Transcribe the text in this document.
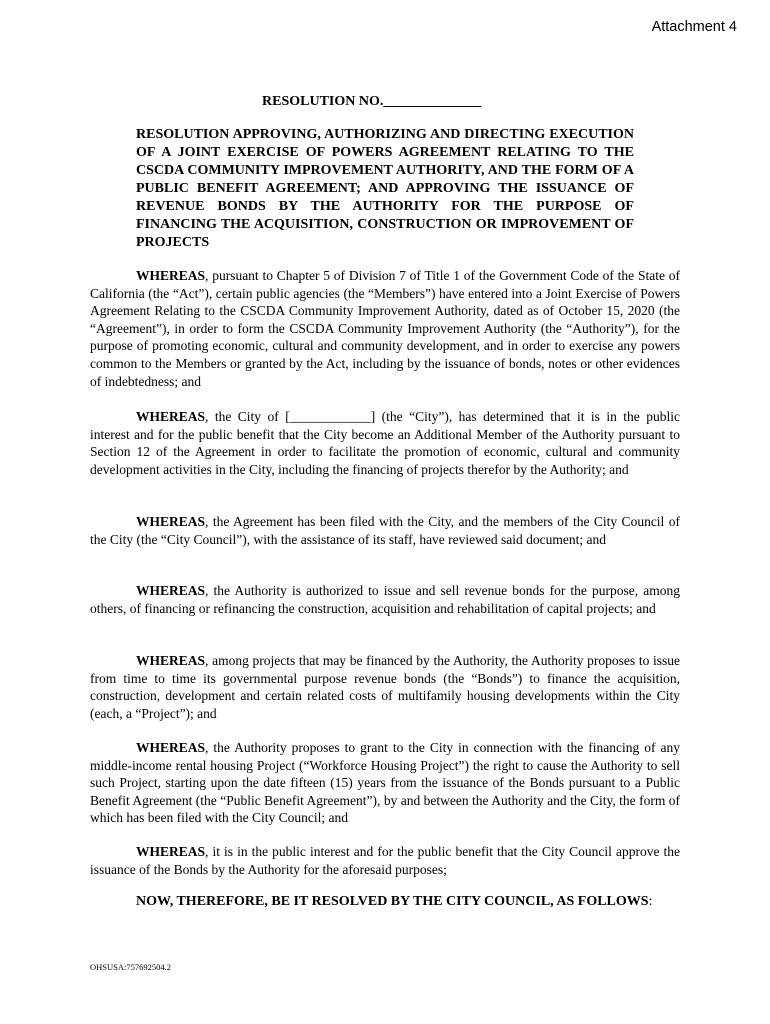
Attachment 4
RESOLUTION NO.______________

RESOLUTION APPROVING, AUTHORIZING AND DIRECTING EXECUTION OF A JOINT EXERCISE OF POWERS AGREEMENT RELATING TO THE CSCDA COMMUNITY IMPROVEMENT AUTHORITY, AND THE FORM OF A PUBLIC BENEFIT AGREEMENT; AND APPROVING THE ISSUANCE OF REVENUE BONDS BY THE AUTHORITY FOR THE PURPOSE OF FINANCING THE ACQUISITION, CONSTRUCTION OR IMPROVEMENT OF PROJECTS

WHEREAS, pursuant to Chapter 5 of Division 7 of Title 1 of the Government Code of the State of California (the “Act”), certain public agencies (the “Members”) have entered into a Joint Exercise of Powers Agreement Relating to the CSCDA Community Improvement Authority, dated as of October 15, 2020 (the “Agreement”), in order to form the CSCDA Community Improvement Authority (the “Authority”), for the purpose of promoting economic, cultural and community development, and in order to exercise any powers common to the Members or granted by the Act, including by the issuance of bonds, notes or other evidences of indebtedness; and

WHEREAS, the City of [____________] (the “City”), has determined that it is in the public interest and for the public benefit that the City become an Additional Member of the Authority pursuant to Section 12 of the Agreement in order to facilitate the promotion of economic, cultural and community development activities in the City, including the financing of projects therefor by the Authority; and

WHEREAS, the Agreement has been filed with the City, and the members of the City Council of the City (the “City Council”), with the assistance of its staff, have reviewed said document; and

WHEREAS, the Authority is authorized to issue and sell revenue bonds for the purpose, among others, of financing or refinancing the construction, acquisition and rehabilitation of capital projects; and

WHEREAS, among projects that may be financed by the Authority, the Authority proposes to issue from time to time its governmental purpose revenue bonds (the “Bonds”) to finance the acquisition, construction, development and certain related costs of multifamily housing developments within the City (each, a “Project”); and

WHEREAS, the Authority proposes to grant to the City in connection with the financing of any middle-income rental housing Project (“Workforce Housing Project”) the right to cause the Authority to sell such Project, starting upon the date fifteen (15) years from the issuance of the Bonds pursuant to a Public Benefit Agreement (the “Public Benefit Agreement”), by and between the Authority and the City, the form of which has been filed with the City Council; and

WHEREAS, it is in the public interest and for the public benefit that the City Council approve the issuance of the Bonds by the Authority for the aforesaid purposes;

NOW, THEREFORE, BE IT RESOLVED BY THE CITY COUNCIL, AS FOLLOWS:

OHSUSA:757692504.2
